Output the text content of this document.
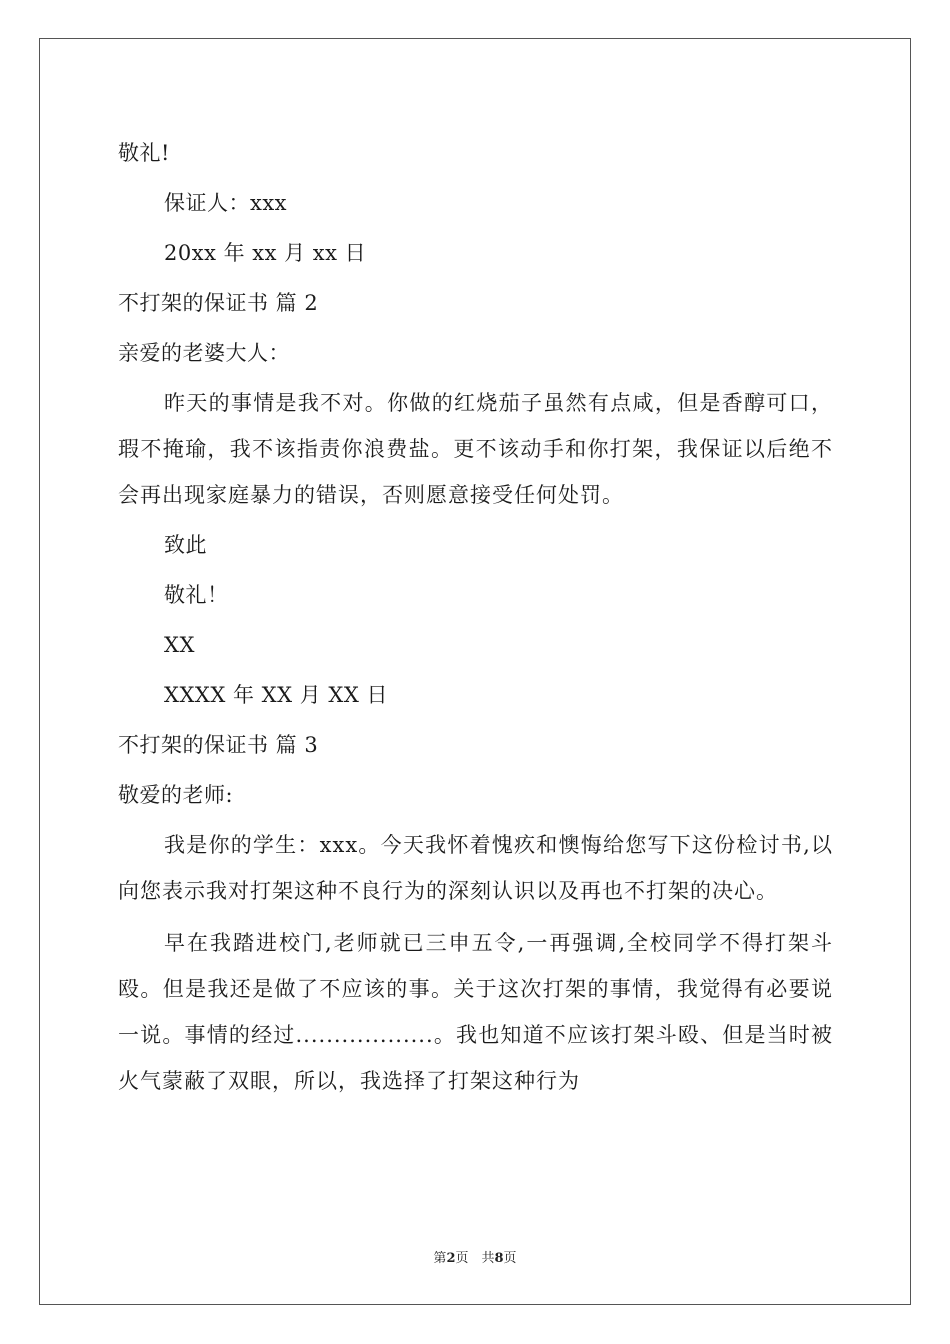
敬礼!
保证人：xxx
20xx 年 xx 月 xx 日
不打架的保证书 篇 2
亲爱的老婆大人：

昨天的事情是我不对。你做的红烧茄子虽然有点咸，但是香醇可口，瑕不掩瑜，我不该指责你浪费盐。更不该动手和你打架，我保证以后绝不会再出现家庭暴力的错误，否则愿意接受任何处罚。

致此
敬礼！
XX
XXXX 年 XX 月 XX 日
不打架的保证书 篇 3
敬爱的老师:

我是你的学生：xxx。今天我怀着愧疚和懊悔给您写下这份检讨书,以向您表示我对打架这种不良行为的深刻认识以及再也不打架的决心。

早在我踏进校门,老师就已三申五令,一再强调,全校同学不得打架斗殴。但是我还是做了不应该的事。关于这次打架的事情，我觉得有必要说一说。事情的经过..................。我也知道不应该打架斗殴、但是当时被火气蒙蔽了双眼，所以，我选择了打架这种行为

第2页　共8页
